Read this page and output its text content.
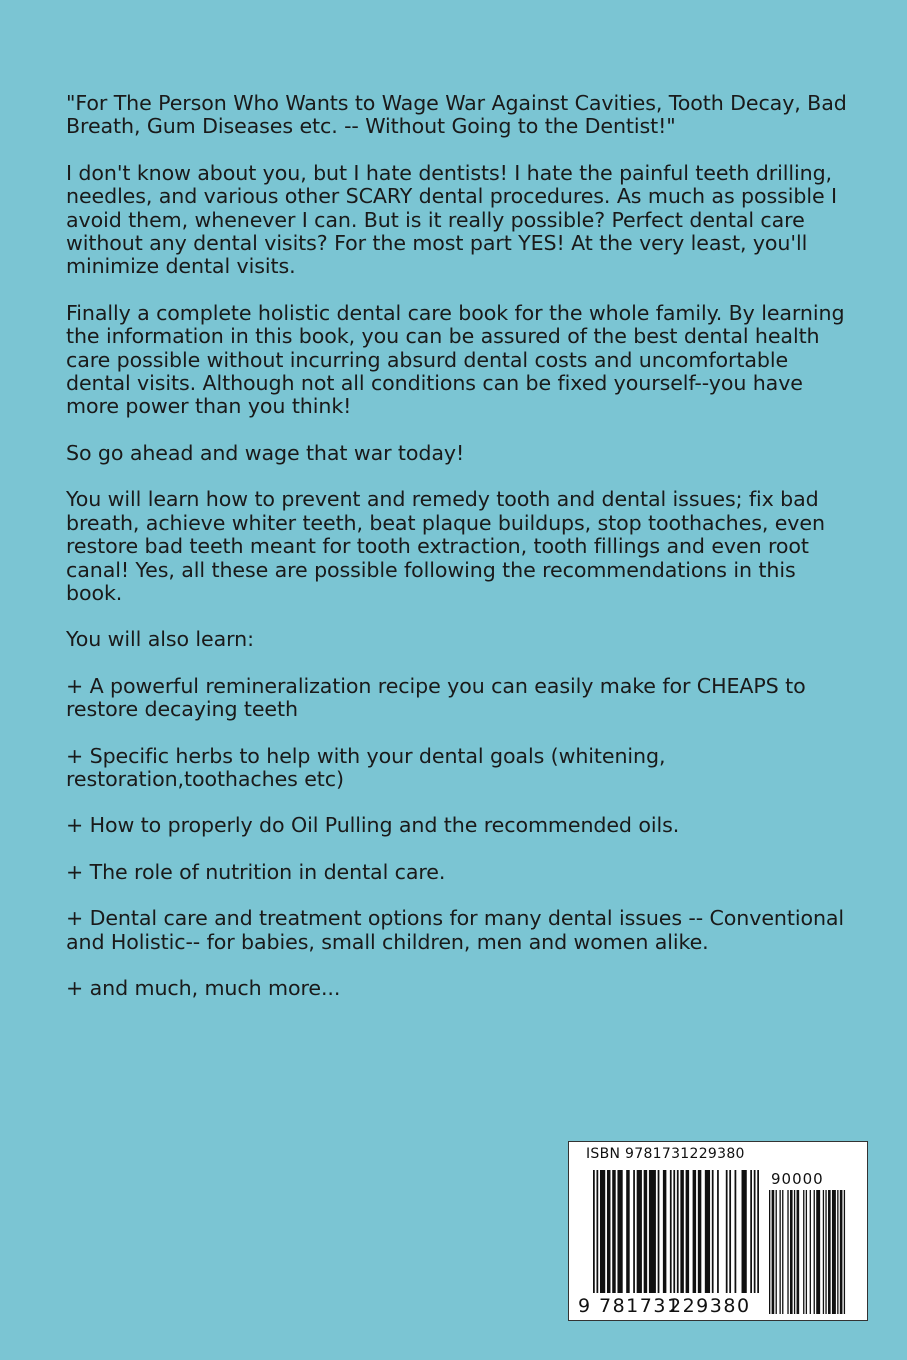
"For The Person Who Wants to Wage War Against Cavities, Tooth Decay, Bad Breath, Gum Diseases etc. -- Without Going to the Dentist!"

I don't know about you, but I hate dentists! I hate the painful teeth drilling, needles, and various other SCARY dental procedures. As much as possible I avoid them, whenever I can. But is it really possible? Perfect dental care without any dental visits? For the most part YES! At the very least, you'll minimize dental visits.

Finally a complete holistic dental care book for the whole family. By learning the information in this book, you can be assured of the best dental health care possible without incurring absurd dental costs and uncomfortable dental visits. Although not all conditions can be fixed yourself--you have more power than you think!

So go ahead and wage that war today!

You will learn how to prevent and remedy tooth and dental issues; fix bad breath, achieve whiter teeth, beat plaque buildups, stop toothaches, even restore bad teeth meant for tooth extraction, tooth fillings and even root canal! Yes, all these are possible following the recommendations in this book.

You will also learn:

+ A powerful remineralization recipe you can easily make for CHEAPS to restore decaying teeth

+ Specific herbs to help with your dental goals (whitening, restoration,toothaches etc)

+ How to properly do Oil Pulling and the recommended oils.

+ The role of nutrition in dental care.

+ Dental care and treatment options for many dental issues -- Conventional and Holistic-- for babies, small children, men and women alike.

+ and much, much more...

ISBN 9781731229380
90000
9 781731
229380
